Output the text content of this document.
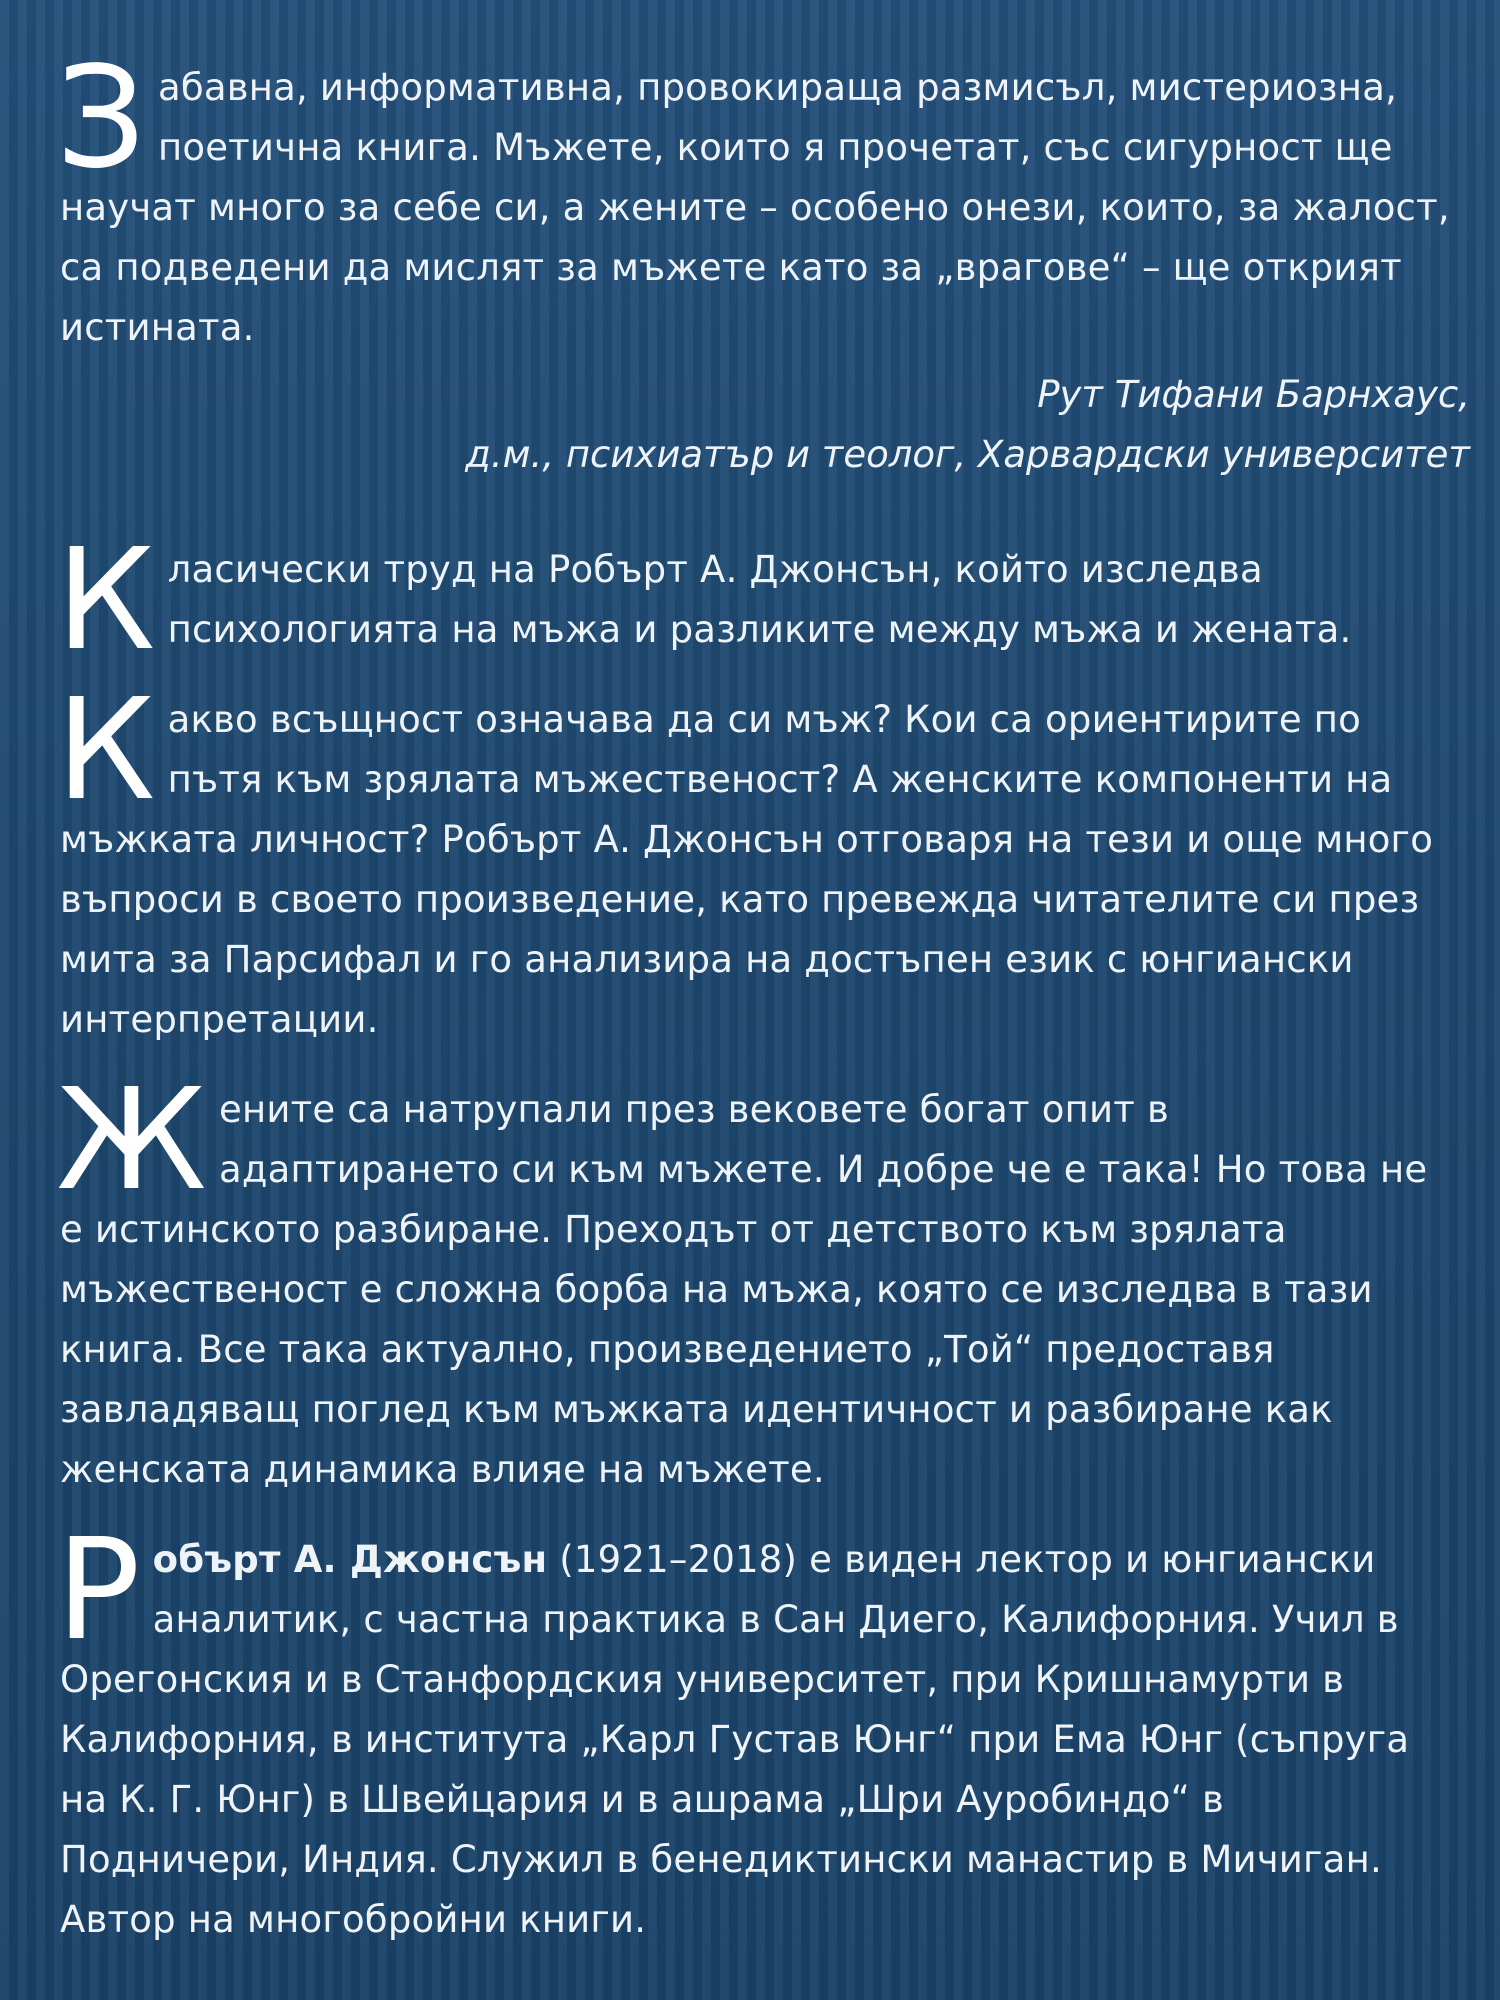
Забавна, информативна, провокираща размисъл, мистериозна, поетична книга. Мъжете, които я прочетат, със сигурност ще научат много за себе си, а жените – особено онези, които, за жалост, са подведени да мислят за мъжете като за „врагове“ – ще открият истината.

Рут Тифани Барнхаус,
д.м., психиатър и теолог, Харвардски университет

Класически труд на Робърт А. Джонсън, който изследва психологията на мъжа и разликите между мъжа и жената.

Какво всъщност означава да си мъж? Кои са ориентирите по пътя към зрялата мъжественост? А женските компоненти на мъжката личност? Робърт А. Джонсън отговаря на тези и още много въпроси в своето произведение, като превежда читателите си през мита за Парсифал и го анализира на достъпен език с юнгиански интерпретации.

Жените са натрупали през вековете богат опит в адаптирането си към мъжете. И добре че е така! Но това не е истинското разбиране. Преходът от детството към зрялата мъжественост е сложна борба на мъжа, която се изследва в тази книга. Все така актуално, произведението „Той“ предоставя завладяващ поглед към мъжката идентичност и разбиране как женската динамика влияе на мъжете.

Робърт А. Джонсън (1921–2018) е виден лектор и юнгиански аналитик, с частна практика в Сан Диего, Калифорния. Учил в Орегонския и в Станфордския университет, при Кришнамурти в Калифорния, в института „Карл Густав Юнг“ при Ема Юнг (съпруга на К. Г. Юнг) в Швейцария и в ашрама „Шри Ауробиндо“ в Подничери, Индия. Служил в бенедиктински манастир в Мичиган. Автор на многобройни книги.
